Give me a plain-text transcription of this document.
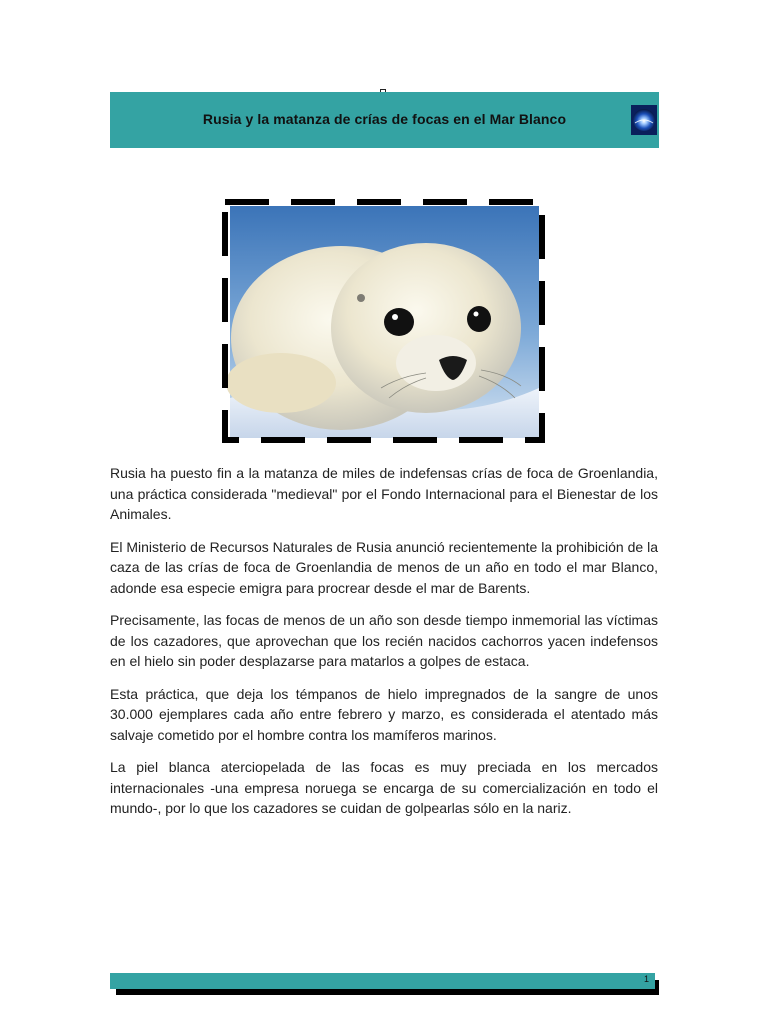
Rusia y la matanza de crías de focas en el Mar Blanco

Rusia ha puesto fin a la matanza de miles de indefensas crías de foca de Groenlandia, una práctica considerada "medieval" por el Fondo Internacional para el Bienestar de los Animales.

El Ministerio de Recursos Naturales de Rusia anunció recientemente la prohibición de la caza de las crías de foca de Groenlandia de menos de un año en todo el mar Blanco, adonde esa especie emigra para procrear desde el mar de Barents.

Precisamente, las focas de menos de un año son desde tiempo inmemorial las víctimas de los cazadores, que aprovechan que los recién nacidos cachorros yacen indefensos en el hielo sin poder desplazarse para matarlos a golpes de estaca.

Esta práctica, que deja los témpanos de hielo impregnados de la sangre de unos 30.000 ejemplares cada año entre febrero y marzo, es considerada el atentado más salvaje cometido por el hombre contra los mamíferos marinos.

La piel blanca aterciopelada de las focas es muy preciada en los mercados internacionales -una empresa noruega se encarga de su comercialización en todo el mundo-, por lo que los cazadores se cuidan de golpearlas sólo en la nariz.

1
